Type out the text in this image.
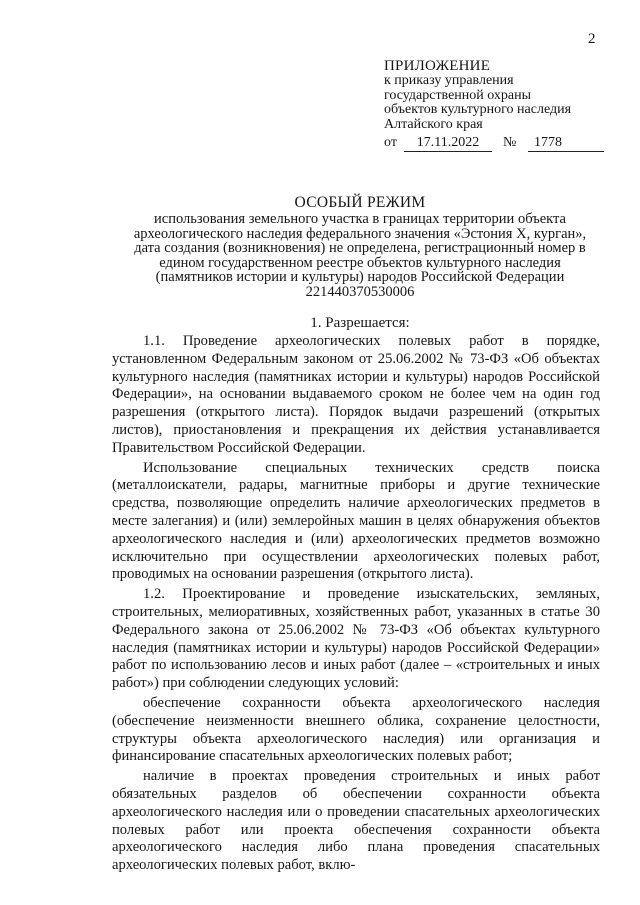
2
ПРИЛОЖЕНИЕ
к приказу управления
государственной охраны
объектов культурного наследия
Алтайского края
от	17.11.2022	№	1778
ОСОБЫЙ РЕЖИМ
использования земельного участка в границах территории объекта археологического наследия федерального значения «Эстония X, курган», дата создания (возникновения) не определена, регистрационный номер в едином государственном реестре объектов культурного наследия (памятников истории и культуры) народов Российской Федерации 221440370530006
1. Разрешается:

1.1. Проведение археологических полевых работ в порядке, установленном Федеральным законом от 25.06.2002 № 73-ФЗ «Об объектах культурного наследия (памятниках истории и культуры) народов Российской Федерации», на основании выдаваемого сроком не более чем на один год разрешения (открытого листа). Порядок выдачи разрешений (открытых листов), приостановления и прекращения их действия устанавливается Правительством Российской Федерации.

Использование специальных технических средств поиска (металлоискатели, радары, магнитные приборы и другие технические средства, позволяющие определить наличие археологических предметов в месте залегания) и (или) землеройных машин в целях обнаружения объектов археологического наследия и (или) археологических предметов возможно исключительно при осуществлении археологических полевых работ, проводимых на основании разрешения (открытого листа).

1.2. Проектирование и проведение изыскательских, земляных, строительных, мелиоративных, хозяйственных работ, указанных в статье 30 Федерального закона от 25.06.2002 № 73-ФЗ «Об объектах культурного наследия (памятниках истории и культуры) народов Российской Федерации» работ по использованию лесов и иных работ (далее – «строительных и иных работ») при соблюдении следующих условий:

обеспечение сохранности объекта археологического наследия (обеспечение неизменности внешнего облика, сохранение целостности, структуры объекта археологического наследия) или организация и финансирование спасательных археологических полевых работ;

наличие в проектах проведения строительных и иных работ обязательных разделов об обеспечении сохранности объекта археологического наследия или о проведении спасательных археологических полевых работ или проекта обеспечения сохранности объекта археологического наследия либо плана проведения спасательных археологических полевых работ, вклю-
